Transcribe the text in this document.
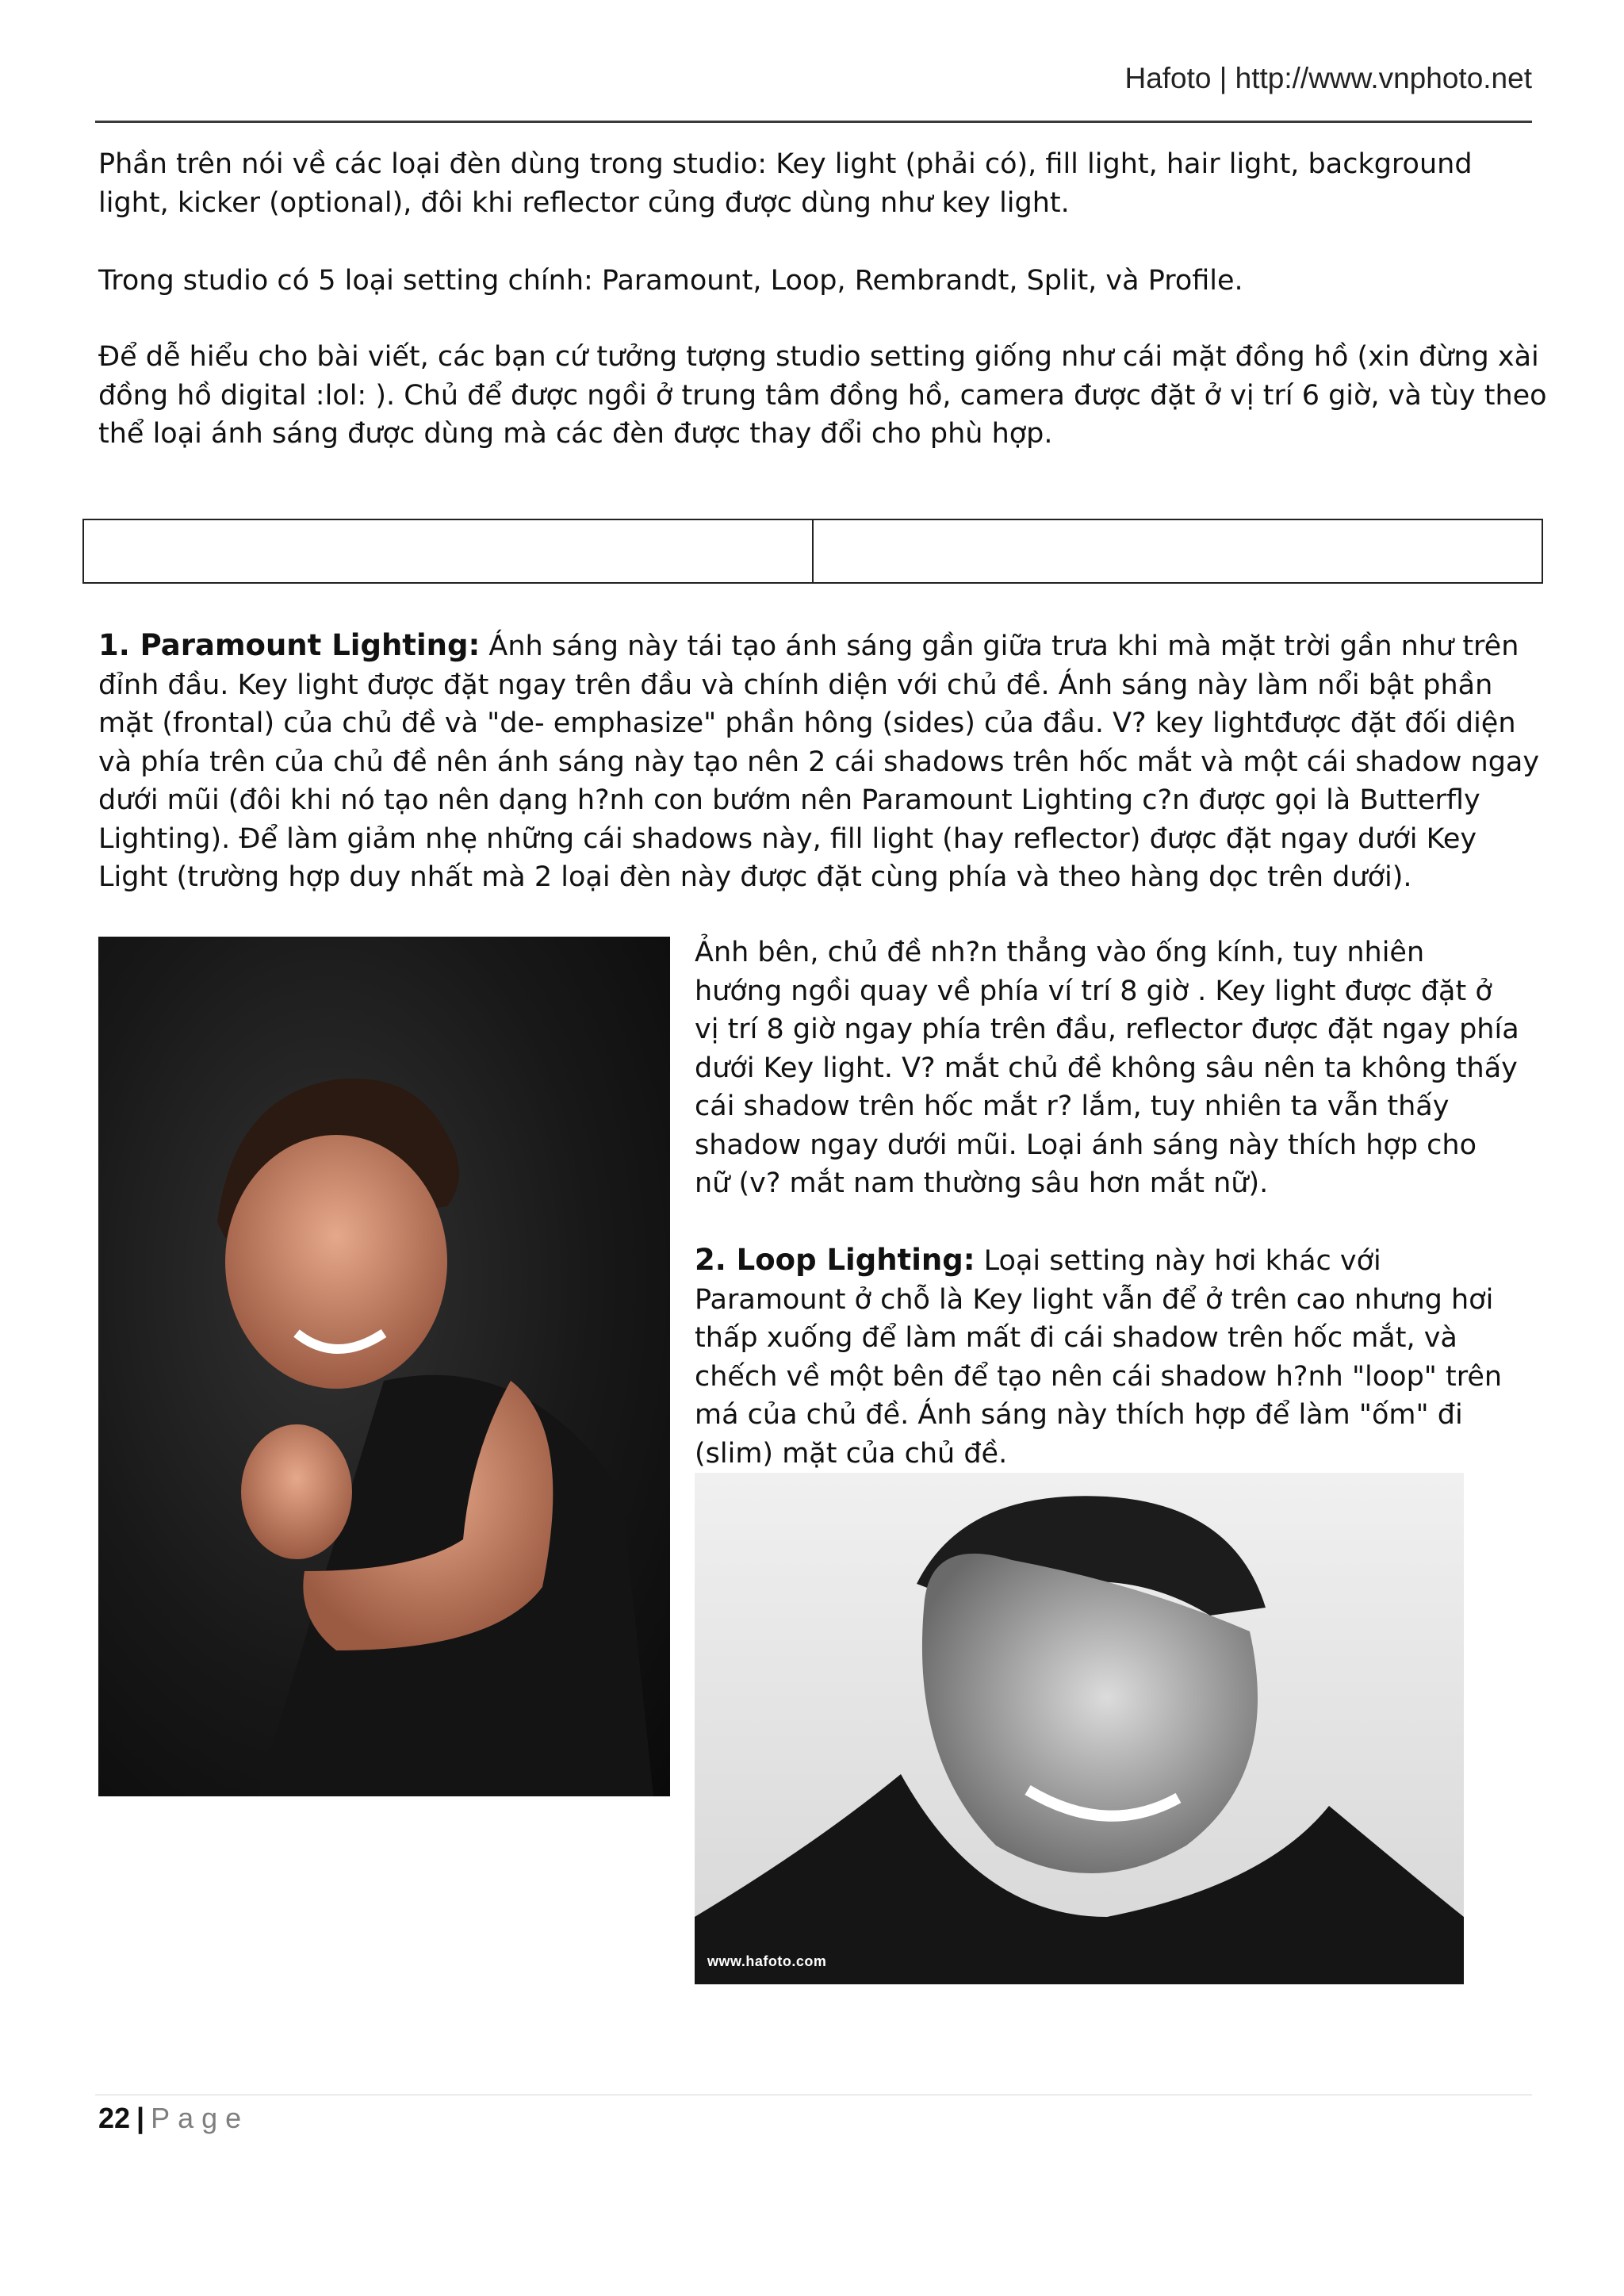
Hafoto | http://www.vnphoto.net

Phần trên nói về các loại đèn dùng trong studio: Key light (phải có), fill light, hair light, background light, kicker (optional), đôi khi reflector củng được dùng như key light.

Trong studio có 5 loại setting chính: Paramount, Loop, Rembrandt, Split, và Profile.

Để dễ hiểu cho bài viết, các bạn cứ tưởng tượng studio setting giống như cái mặt đồng hồ (xin đừng xài đồng hồ digital :lol: ). Chủ để được ngồi ở trung tâm đồng hồ, camera được đặt ở vị trí 6 giờ, và tùy theo thể loại ánh sáng được dùng mà các đèn được thay đổi cho phù hợp.

1. Paramount Lighting: Ánh sáng này tái tạo ánh sáng gần giữa trưa khi mà mặt trời gần như trên đỉnh đầu. Key light được đặt ngay trên đầu và chính diện với chủ đề. Ánh sáng này làm nổi bật phần mặt (frontal) của chủ đề và "de- emphasize" phần hông (sides) của đầu. V? key lightđược đặt đối diện và phía trên của chủ đề nên ánh sáng này tạo nên 2 cái shadows trên hốc mắt và một cái shadow ngay dưới mũi (đôi khi nó tạo nên dạng h?nh con bướm nên Paramount Lighting c?n được gọi là Butterfly Lighting). Để làm giảm nhẹ những cái shadows này, fill light (hay reflector) được đặt ngay dưới Key Light (trường hợp duy nhất mà 2 loại đèn này được đặt cùng phía và theo hàng dọc trên dưới).

Ảnh bên, chủ đề nh?n thẳng vào ống kính, tuy nhiên hướng ngồi quay về phía ví trí 8 giờ . Key light được đặt ở vị trí 8 giờ ngay phía trên đầu, reflector được đặt ngay phía dưới Key light. V? mắt chủ đề không sâu nên ta không thấy cái shadow trên hốc mắt r? lắm, tuy nhiên ta vẫn thấy shadow ngay dưới mũi. Loại ánh sáng này thích hợp cho nữ (v? mắt nam thường sâu hơn mắt nữ).

2. Loop Lighting: Loại setting này hơi khác với Paramount ở chỗ là Key light vẫn để ở trên cao nhưng hơi thấp xuống để làm mất đi cái shadow trên hốc mắt, và chếch về một bên để tạo nên cái shadow h?nh "loop" trên má của chủ đề. Ánh sáng này thích hợp để làm "ốm" đi (slim) mặt của chủ đề.

www.hafoto.com
22 | Page
